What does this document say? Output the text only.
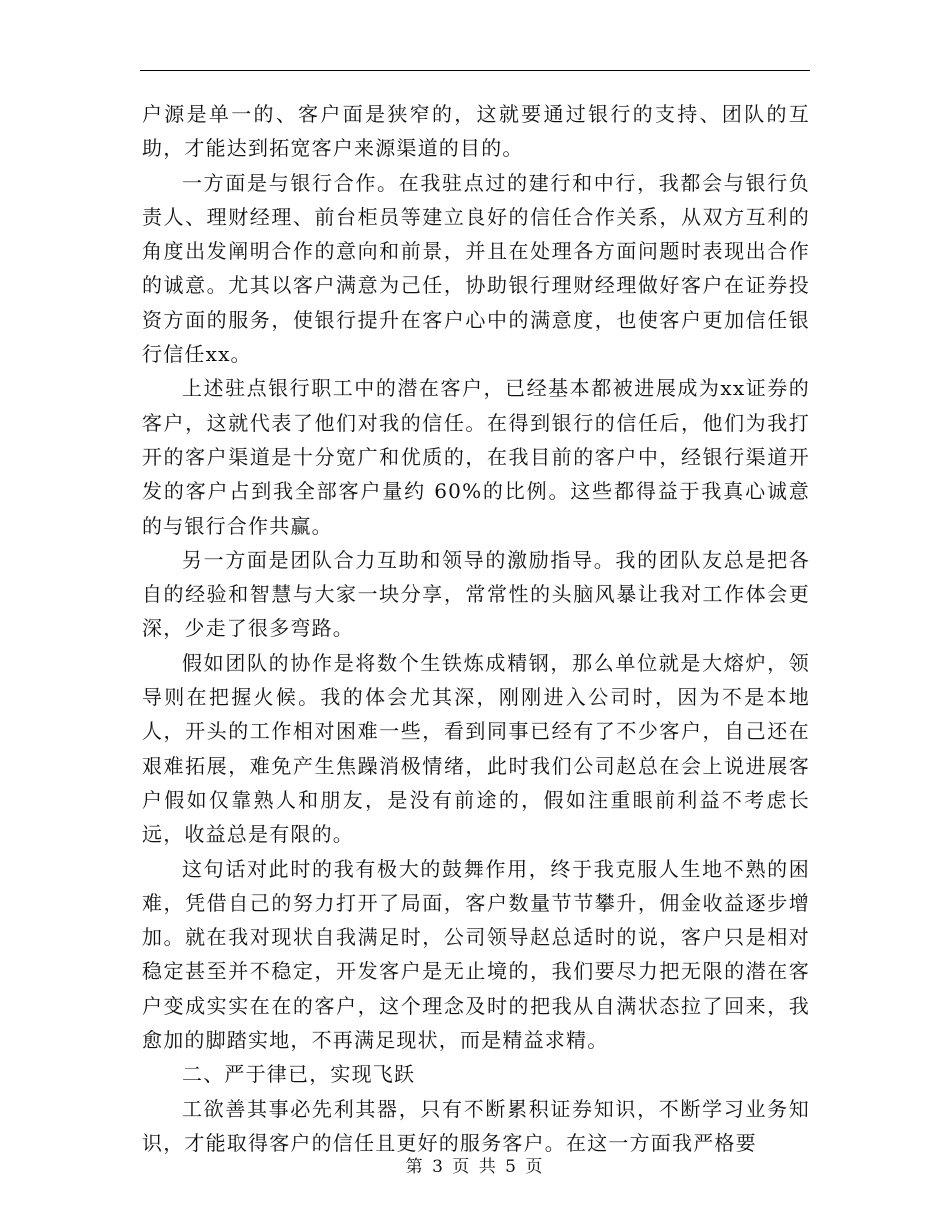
户源是单一的、客户面是狭窄的，这就要通过银行的支持、团队的互助，才能达到拓宽客户来源渠道的目的。

一方面是与银行合作。在我驻点过的建行和中行，我都会与银行负责人、理财经理、前台柜员等建立良好的信任合作关系，从双方互利的角度出发阐明合作的意向和前景，并且在处理各方面问题时表现出合作的诚意。尤其以客户满意为己任，协助银行理财经理做好客户在证券投资方面的服务，使银行提升在客户心中的满意度，也使客户更加信任银行信任xx。

上述驻点银行职工中的潜在客户，已经基本都被进展成为xx证券的客户，这就代表了他们对我的信任。在得到银行的信任后，他们为我打开的客户渠道是十分宽广和优质的，在我目前的客户中，经银行渠道开发的客户占到我全部客户量约 60%的比例。这些都得益于我真心诚意的与银行合作共赢。

另一方面是团队合力互助和领导的激励指导。我的团队友总是把各自的经验和智慧与大家一块分享，常常性的头脑风暴让我对工作体会更深，少走了很多弯路。

假如团队的协作是将数个生铁炼成精钢，那么单位就是大熔炉，领导则在把握火候。我的体会尤其深，刚刚进入公司时，因为不是本地人，开头的工作相对困难一些，看到同事已经有了不少客户，自己还在艰难拓展，难免产生焦躁消极情绪，此时我们公司赵总在会上说进展客户假如仅靠熟人和朋友，是没有前途的，假如注重眼前利益不考虑长远，收益总是有限的。

这句话对此时的我有极大的鼓舞作用，终于我克服人生地不熟的困难，凭借自己的努力打开了局面，客户数量节节攀升，佣金收益逐步增加。就在我对现状自我满足时，公司领导赵总适时的说，客户只是相对稳定甚至并不稳定，开发客户是无止境的，我们要尽力把无限的潜在客户变成实实在在的客户，这个理念及时的把我从自满状态拉了回来，我愈加的脚踏实地，不再满足现状，而是精益求精。

二、严于律已，实现飞跃

工欲善其事必先利其器，只有不断累积证券知识，不断学习业务知识，才能取得客户的信任且更好的服务客户。在这一方面我严格要

第 3 页 共 5 页
